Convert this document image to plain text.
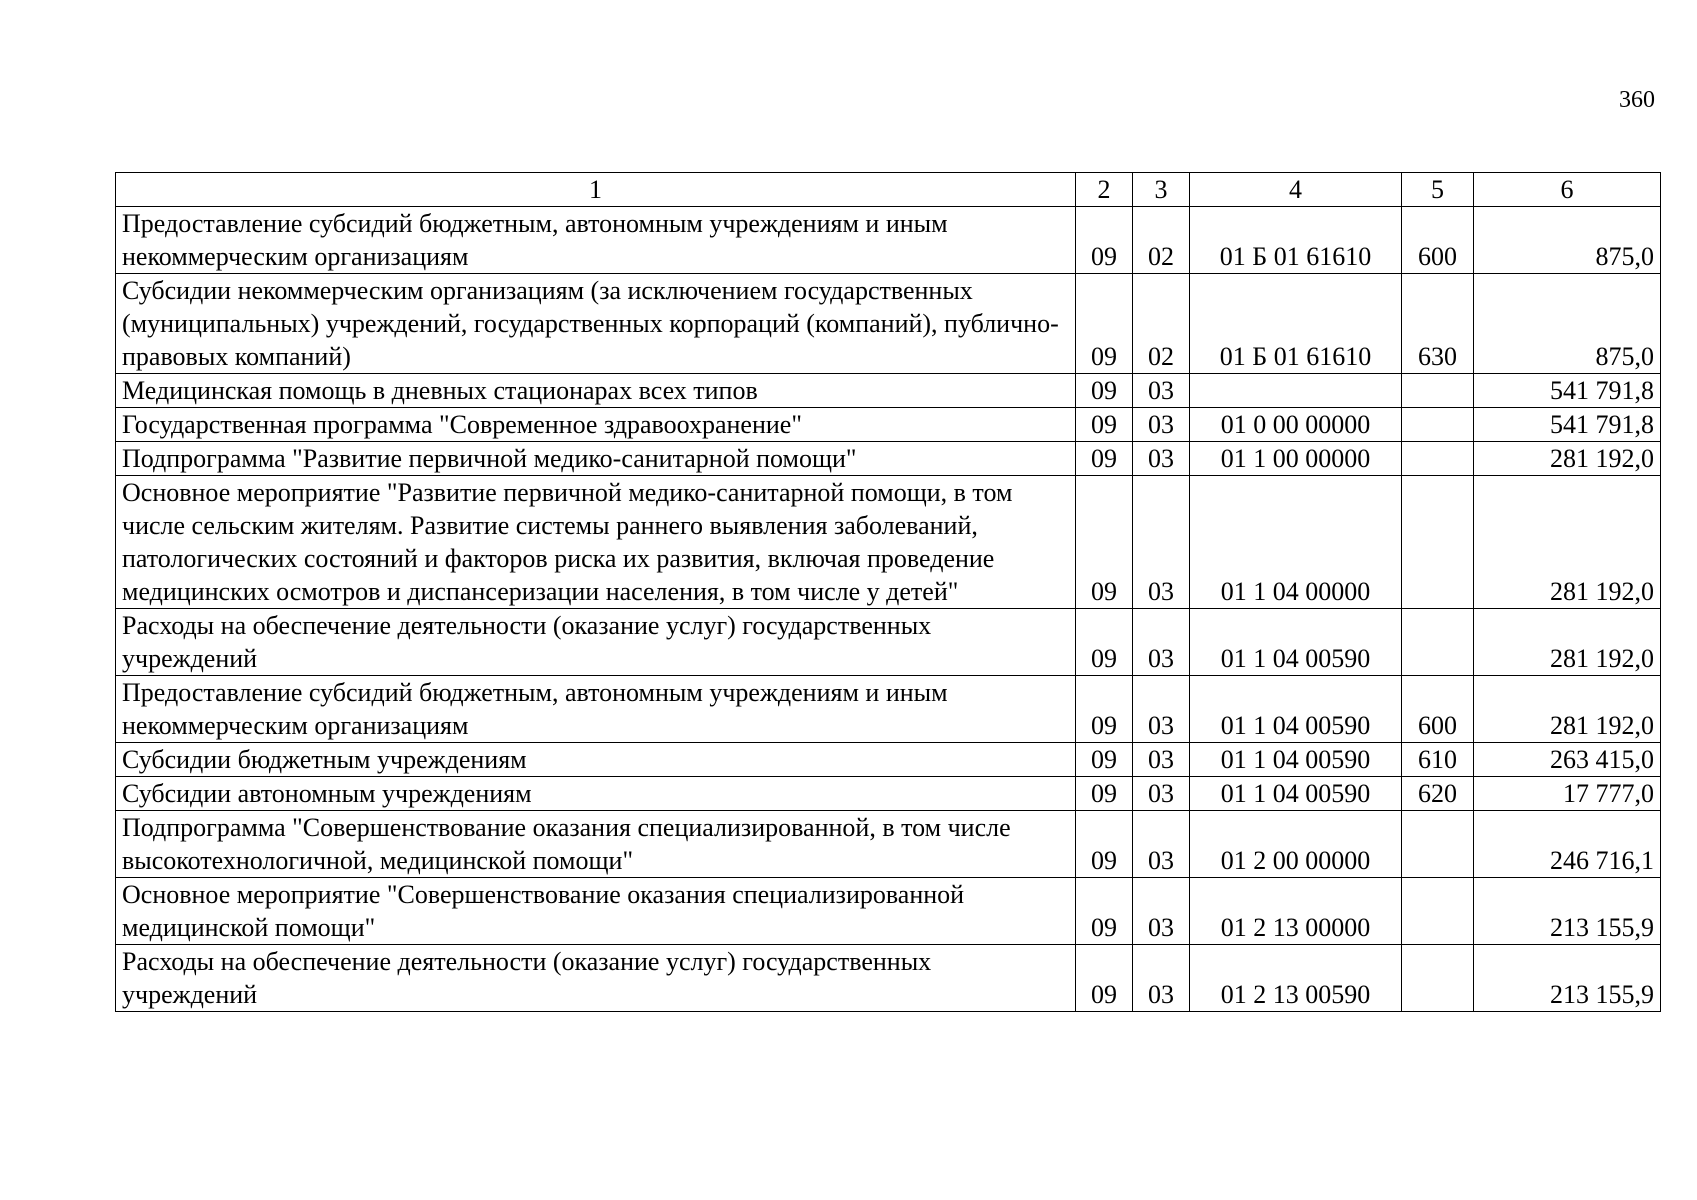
360
1	2	3	4	5	6
Предоставление субсидий бюджетным, автономным учреждениям и иным некоммерческим организациям	09	02	01 Б 01 61610	600	875,0
Субсидии некоммерческим организациям (за исключением государственных (муниципальных) учреждений, государственных корпораций (компаний), публично-правовых компаний)	09	02	01 Б 01 61610	630	875,0
Медицинская помощь в дневных стационарах всех типов	09	03			541 791,8
Государственная программа "Современное здравоохранение"	09	03	01 0 00 00000		541 791,8
Подпрограмма "Развитие первичной медико-санитарной помощи"	09	03	01 1 00 00000		281 192,0
Основное мероприятие "Развитие первичной медико-санитарной помощи, в том числе сельским жителям. Развитие системы раннего выявления заболеваний, патологических состояний и факторов риска их развития, включая проведение медицинских осмотров и диспансеризации населения, в том числе у детей"	09	03	01 1 04 00000		281 192,0
Расходы на обеспечение деятельности (оказание услуг) государственных учреждений	09	03	01 1 04 00590		281 192,0
Предоставление субсидий бюджетным, автономным учреждениям и иным некоммерческим организациям	09	03	01 1 04 00590	600	281 192,0
Субсидии бюджетным учреждениям	09	03	01 1 04 00590	610	263 415,0
Субсидии автономным учреждениям	09	03	01 1 04 00590	620	17 777,0
Подпрограмма "Совершенствование оказания специализированной, в том числе высокотехнологичной, медицинской помощи"	09	03	01 2 00 00000		246 716,1
Основное мероприятие "Совершенствование оказания специализированной медицинской помощи"	09	03	01 2 13 00000		213 155,9
Расходы на обеспечение деятельности (оказание услуг) государственных учреждений	09	03	01 2 13 00590		213 155,9
